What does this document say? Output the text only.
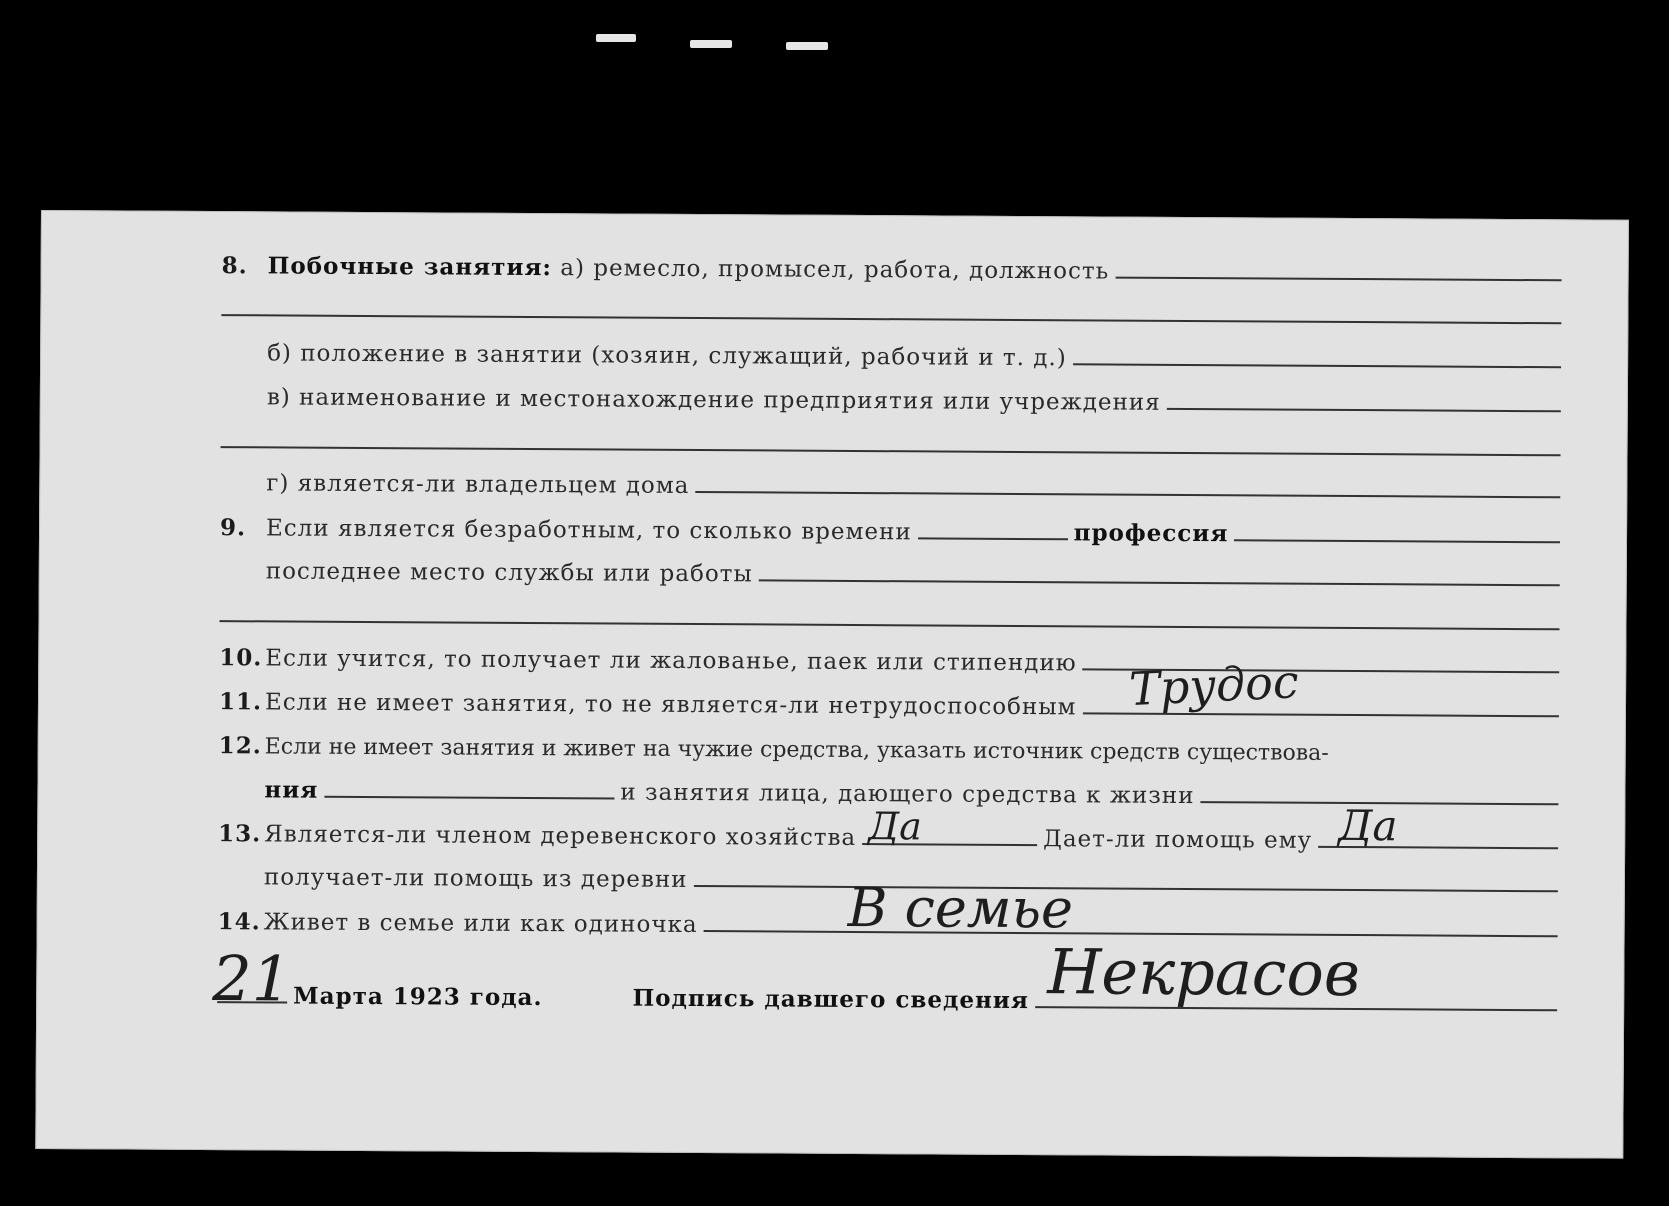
8. Побочные занятия:
а) ремесло, промысел, работа, должность
б) положение в занятии (хозяин, служащий, рабочий и т. д.)
в) наименование и местонахождение предприятия или учреждения
г) является-ли владельцем дома
9. Если является безработным, то сколько времени	профессия
последнее место службы или работы
10. Если учится, то получает ли жалованье, паек или стипендию
11. Если не имеет занятия, то не является-ли нетрудоспособным
12. Если не имеет занятия и живет на чужие средства, указать источник средств существова-
ния	и занятия лица, дающего средства к жизни
13. Является-ли членом деревенского хозяйства	Дает-ли помощь ему
получает-ли помощь из деревни
14. Живет в семье или как одиночка
Марта 1923 года.	Подпись давшего сведения
Трудос
Да	Да
В семье
21	Некрасов
